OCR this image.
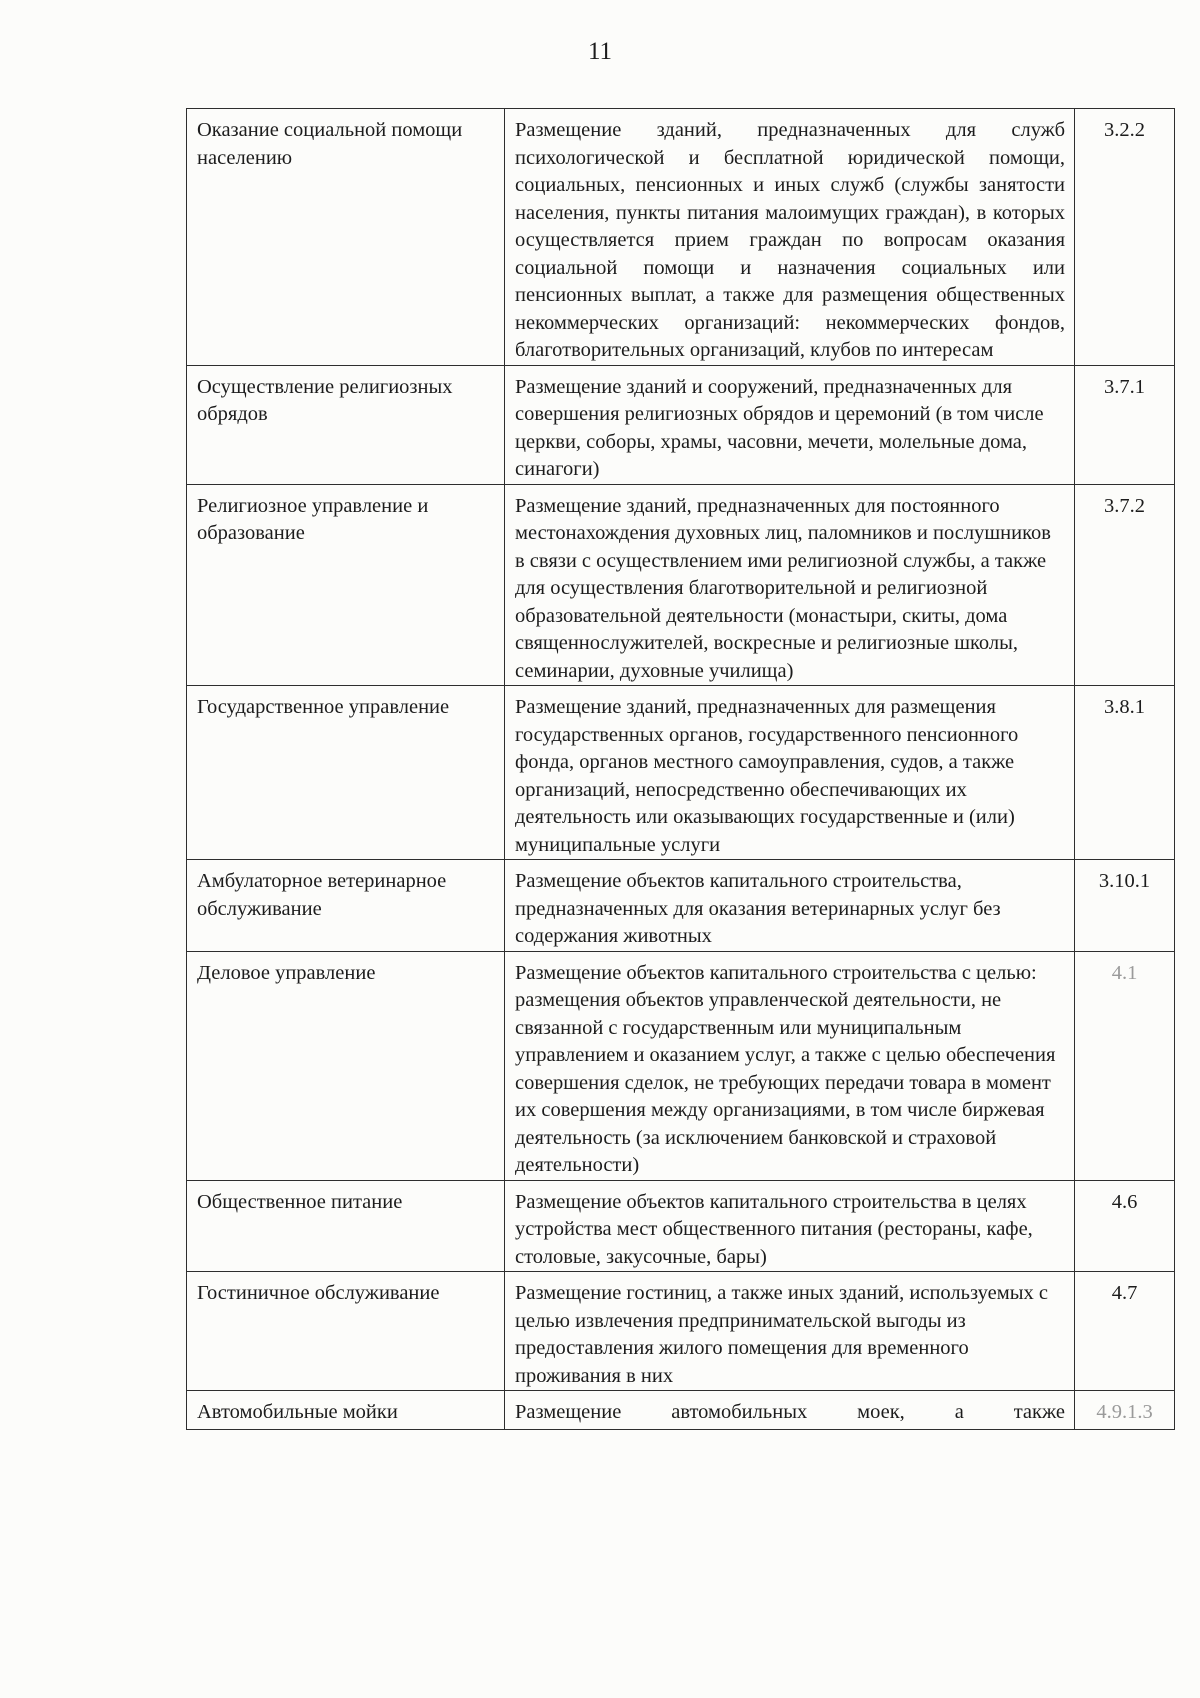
11
Оказание социальной помощи населению	Размещение зданий, предназначенных для служб психологической и бесплатной юридической помощи, социальных, пенсионных и иных служб (службы занятости населения, пункты питания малоимущих граждан), в которых осуществляется прием граждан по вопросам оказания социальной помощи и назначения социальных или пенсионных выплат, а также для размещения общественных некоммерческих организаций: некоммерческих фондов, благотворительных организаций, клубов по интересам	3.2.2
Осуществление религиозных обрядов	Размещение зданий и сооружений, предназначенных для совершения религиозных обрядов и церемоний (в том числе церкви, соборы, храмы, часовни, мечети, молельные дома, синагоги)	3.7.1
Религиозное управление и образование	Размещение зданий, предназначенных для постоянного местонахождения духовных лиц, паломников и послушников в связи с осуществлением ими религиозной службы, а также для осуществления благотворительной и религиозной образовательной деятельности (монастыри, скиты, дома священнослужителей, воскресные и религиозные школы, семинарии, духовные училища)	3.7.2
Государственное управление	Размещение зданий, предназначенных для размещения государственных органов, государственного пенсионного фонда, органов местного самоуправления, судов, а также организаций, непосредственно обеспечивающих их деятельность или оказывающих государственные и (или) муниципальные услуги	3.8.1
Амбулаторное ветеринарное обслуживание	Размещение объектов капитального строительства, предназначенных для оказания ветеринарных услуг без содержания животных	3.10.1
Деловое управление	Размещение объектов капитального строительства с целью: размещения объектов управленческой деятельности, не связанной с государственным или муниципальным управлением и оказанием услуг, а также с целью обеспечения совершения сделок, не требующих передачи товара в момент их совершения между организациями, в том числе биржевая деятельность (за исключением банковской и страховой деятельности)	4.1
Общественное питание	Размещение объектов капитального строительства в целях устройства мест общественного питания (рестораны, кафе, столовые, закусочные, бары)	4.6
Гостиничное обслуживание	Размещение гостиниц, а также иных зданий, используемых с целью извлечения предпринимательской выгоды из предоставления жилого помещения для временного проживания в них	4.7
Автомобильные мойки	Размещение автомобильных моек, а также	4.9.1.3
